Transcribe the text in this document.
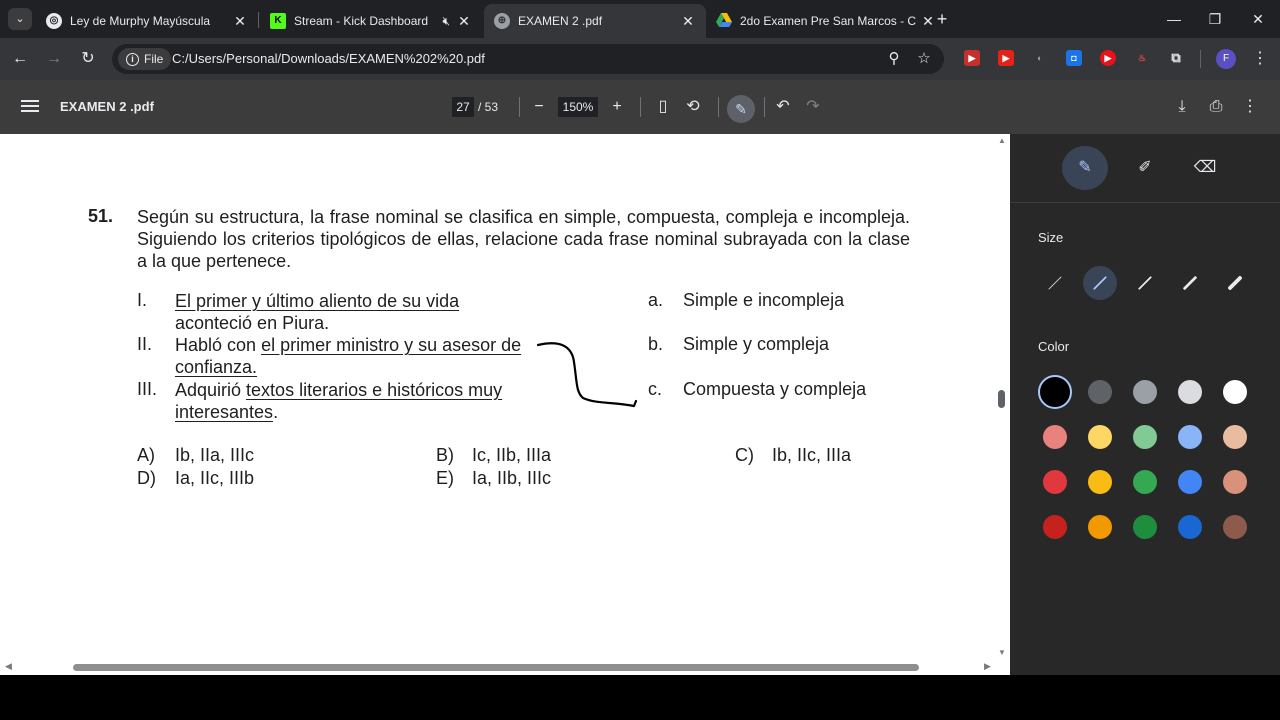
⌄	◎ Ley de Murphy Mayúscula	✕	K	Stream - Kick Dashboard	🔇︎ ✕	⊕ EXAMEN 2 .pdf	✕	2do Examen Pre San Marcos - C ✕ +	—	❐	✕
← →	↻	i File C:/Users/Personal/Downloads/EXAMEN%202%20.pdf	⚲	☆	▶	▶	◐	◘	▶	♨	⧉	F	⋮
EXAMEN 2 .pdf	27 / 53	−	150%	+	▯	⟲	↶	↷	⤓	⎙	⋮
✎
51. Según su estructura, la frase nominal se clasifica en simple, compuesta, compleja e incompleja. Siguiendo los criterios tipológicos de ellas, relacione cada frase nominal subrayada con la clase a la que pertenece.
I. El primer y último aliento de su vida aconteció en Piura.
II. Habló con el primer ministro y su asesor de confianza.
III. Adquirió textos literarios e históricos muy interesantes.
a. Simple e incompleja
b. Simple y compleja
c. Compuesta y compleja
A) Ib, IIa, IIIc	B) Ic, IIb, IIIa	C) Ib, IIc, IIIa
D) Ia, IIc, IIIb	E) Ia, IIb, IIIc
▲
▼
◀	▶
✎	✐	⌫
Size
Color
